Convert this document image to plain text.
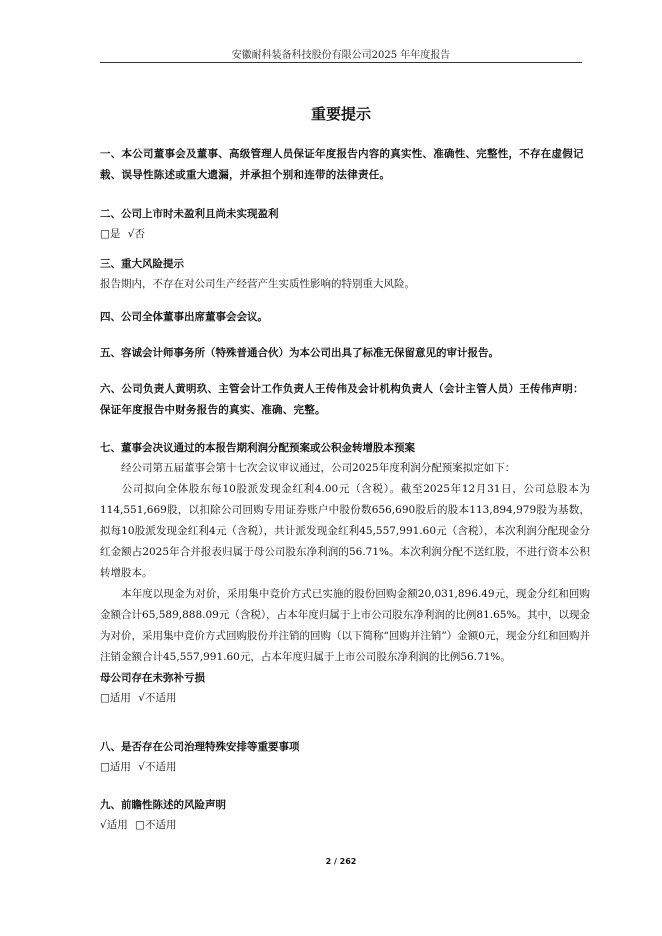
安徽耐科装备科技股份有限公司2025 年年度报告
重要提示
一、本公司董事会及董事、高级管理人员保证年度报告内容的真实性、准确性、完整性，不存在虚假记载、误导性陈述或重大遗漏，并承担个别和连带的法律责任。
二、公司上市时未盈利且尚未实现盈利
□是 √否
三、重大风险提示
报告期内，不存在对公司生产经营产生实质性影响的特别重大风险。
四、公司全体董事出席董事会会议。
五、容诚会计师事务所（特殊普通合伙）为本公司出具了标准无保留意见的审计报告。
六、公司负责人黄明玖、主管会计工作负责人王传伟及会计机构负责人（会计主管人员）王传伟声明：保证年度报告中财务报告的真实、准确、完整。
七、董事会决议通过的本报告期利润分配预案或公积金转增股本预案
经公司第五届董事会第十七次会议审议通过，公司2025年度利润分配预案拟定如下：
公司拟向全体股东每10股派发现金红利4.00元（含税）。截至2025年12月31日，公司总股本为114,551,669股，以扣除公司回购专用证券账户中股份数656,690股后的股本113,894,979股为基数，拟每10股派发现金红利4元（含税），共计派发现金红利45,557,991.60元（含税），本次利润分配现金分红金额占2025年合并报表归属于母公司股东净利润的56.71%。本次利润分配不送红股，不进行资本公积转增股本。
本年度以现金为对价，采用集中竞价方式已实施的股份回购金额20,031,896.49元，现金分红和回购金额合计65,589,888.09元（含税），占本年度归属于上市公司股东净利润的比例81.65%。其中，以现金为对价，采用集中竞价方式回购股份并注销的回购（以下简称“回购并注销”）金额0元，现金分红和回购并注销金额合计45,557,991.60元，占本年度归属于上市公司股东净利润的比例56.71%。
母公司存在未弥补亏损
□适用 √不适用
八、是否存在公司治理特殊安排等重要事项
□适用 √不适用
九、前瞻性陈述的风险声明
√适用 □不适用
2 / 262
